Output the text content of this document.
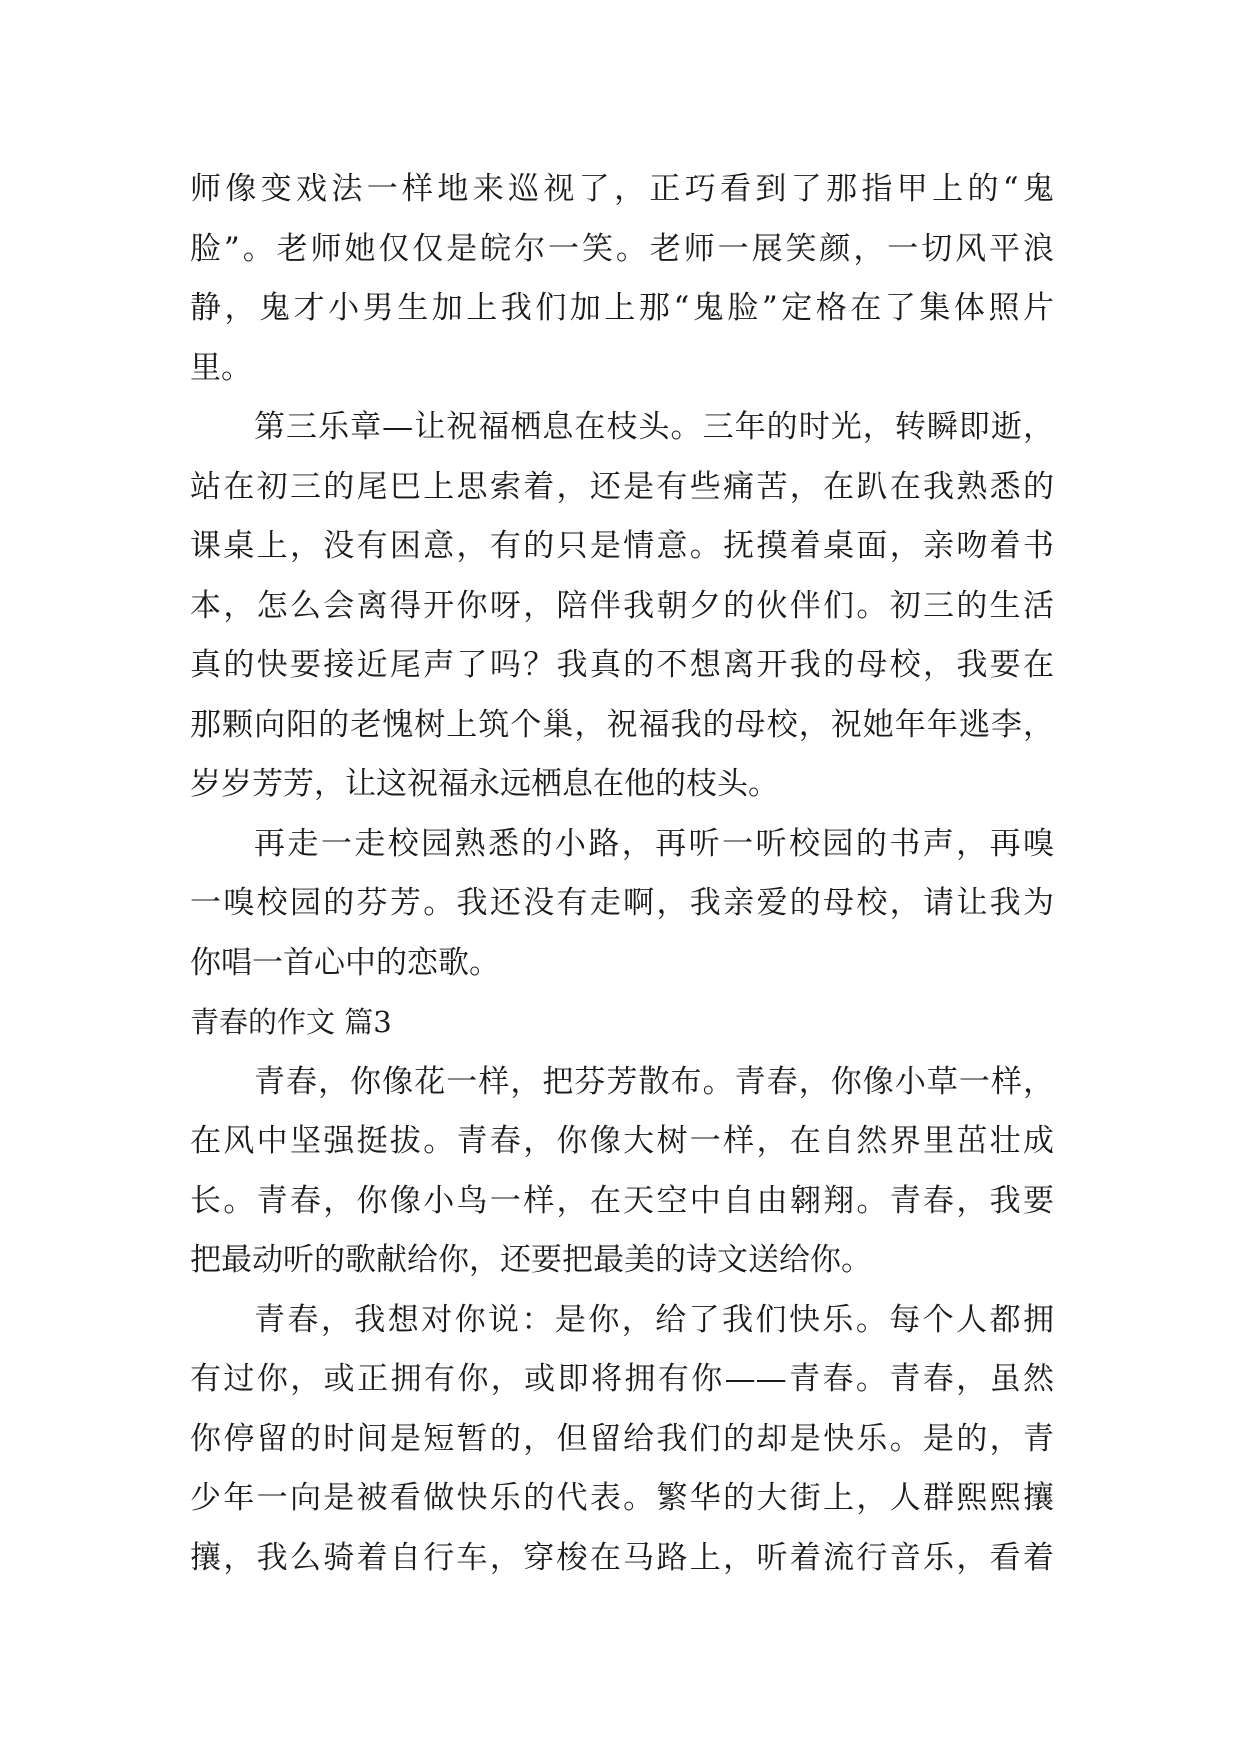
师像变戏法一样地来巡视了，正巧看到了那指甲上的“鬼
脸”。老师她仅仅是皖尔一笑。老师一展笑颜，一切风平浪
静，鬼才小男生加上我们加上那“鬼脸”定格在了集体照片
里。
第三乐章—让祝福栖息在枝头。三年的时光，转瞬即逝，
站在初三的尾巴上思索着，还是有些痛苦，在趴在我熟悉的
课桌上，没有困意，有的只是情意。抚摸着桌面，亲吻着书
本，怎么会离得开你呀，陪伴我朝夕的伙伴们。初三的生活
真的快要接近尾声了吗？我真的不想离开我的母校，我要在
那颗向阳的老愧树上筑个巢，祝福我的母校，祝她年年逃李，
岁岁芳芳，让这祝福永远栖息在他的枝头。
再走一走校园熟悉的小路，再听一听校园的书声，再嗅
一嗅校园的芬芳。我还没有走啊，我亲爱的母校，请让我为
你唱一首心中的恋歌。
青春的作文 篇3
青春，你像花一样，把芬芳散布。青春，你像小草一样，
在风中坚强挺拔。青春，你像大树一样，在自然界里茁壮成
长。青春，你像小鸟一样，在天空中自由翱翔。青春，我要
把最动听的歌献给你，还要把最美的诗文送给你。
青春，我想对你说：是你，给了我们快乐。每个人都拥
有过你，或正拥有你，或即将拥有你——青春。青春，虽然
你停留的时间是短暂的，但留给我们的却是快乐。是的，青
少年一向是被看做快乐的代表。繁华的大街上，人群熙熙攘
攘，我么骑着自行车，穿梭在马路上，听着流行音乐，看着
